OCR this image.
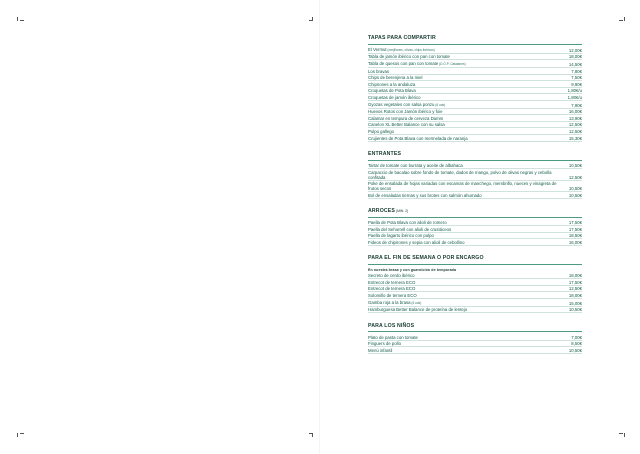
TAPAS PARA COMPARTIR
El Vermut (mejillones, olivas, chips ibéricos)	12,00€
Tabla de jamón ibérico con pan con tomate	18,00€
Tabla de quesos con pan con tomate (D.O.P. Catalanes)	14,50€
Los bravas	7,80€
Chips de berenjena a la miel	7,50€
Chipirones a la andaluza	9,90€
Croquetas de Pota Blava	1,80€/u
Croquetas de jamón ibérico	1,80€/u
Gyozas vegetales con salsa ponzu (6 uds)	7,90€
Huevos Rotos con Jamón ibérico y foie	16,00€
Calamar en tempura de cerveza Damm	13,90€
Canelon XL Better Balance con su salsa	12,50€
Pulpo gallego	12,50€
Crujientes de Pota Blava con mermelada de naranja	15,30€
ENTRANTES
Tartar de tomate con burrata y aceite de albahaca	10,50€
Carpaccio de bacalao sobre fondo de tomate, dados de mango, polvo de olivas negras y cebolla confitada	12,50€
Poke de ensalada de hojas variadas con escamas de manchego, membrillo, nueces y vinagreta de frutos secos	10,50€
Bol de ensaladas tiernas y sus brotes con salmón ahumado	10,50€
ARROCES(MIN. 2)
Paella de Pota Blava con alioli de romero	17,50€
Paella del Sehorrell con alioli de crustáceos	17,50€
Paella de lagarto ibérico con pulpo	18,50€
Fideos de chipirones y sepia con alioli de cebollino	16,00€
PARA EL FIN DE SEMANA O POR ENCARGO
En nuestra brasa y con guarnición de temporada
Secreto de cerdo ibérico	18,00€
Entrecot de ternera ECO	17,50€
Entrecot de ternera ECO	12,50€
Solomillo de ternera ECO	18,00€
Gamba roja a la brasa (6 uds)	15,00€
Hamburguesa Better Balance de proteína de lentejo	10,50€
PARA LOS NIÑOS
Plato de pasta con tomate	7,00€
Finguers de pollo	8,50€
Menú infantil	10,50€
